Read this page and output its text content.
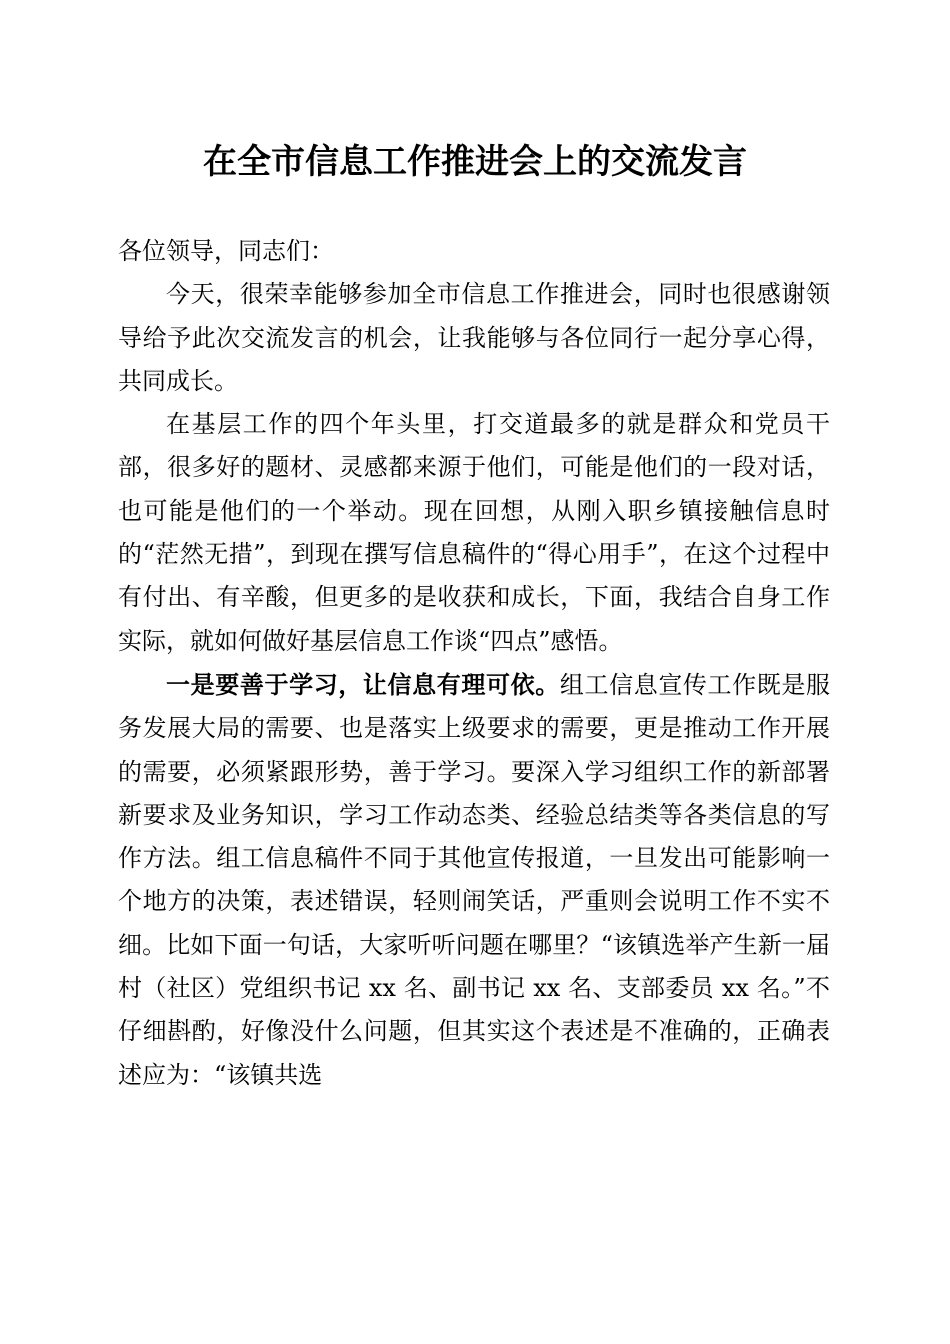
在全市信息工作推进会上的交流发言

各位领导，同志们：

今天，很荣幸能够参加全市信息工作推进会，同时也很感谢领导给予此次交流发言的机会，让我能够与各位同行一起分享心得，共同成长。

在基层工作的四个年头里，打交道最多的就是群众和党员干部，很多好的题材、灵感都来源于他们，可能是他们的一段对话，也可能是他们的一个举动。现在回想，从刚入职乡镇接触信息时的“茫然无措”，到现在撰写信息稿件的“得心用手”，在这个过程中有付出、有辛酸，但更多的是收获和成长，下面，我结合自身工作实际，就如何做好基层信息工作谈“四点”感悟。

一是要善于学习，让信息有理可依。组工信息宣传工作既是服务发展大局的需要、也是落实上级要求的需要，更是推动工作开展的需要，必须紧跟形势，善于学习。要深入学习组织工作的新部署新要求及业务知识，学习工作动态类、经验总结类等各类信息的写作方法。组工信息稿件不同于其他宣传报道，一旦发出可能影响一个地方的决策，表述错误，轻则闹笑话，严重则会说明工作不实不细。比如下面一句话，大家听听问题在哪里？“该镇选举产生新一届村（社区）党组织书记 xx 名、副书记 xx 名、支部委员 xx 名。”不仔细斟酌，好像没什么问题，但其实这个表述是不准确的，正确表述应为：“该镇共选
